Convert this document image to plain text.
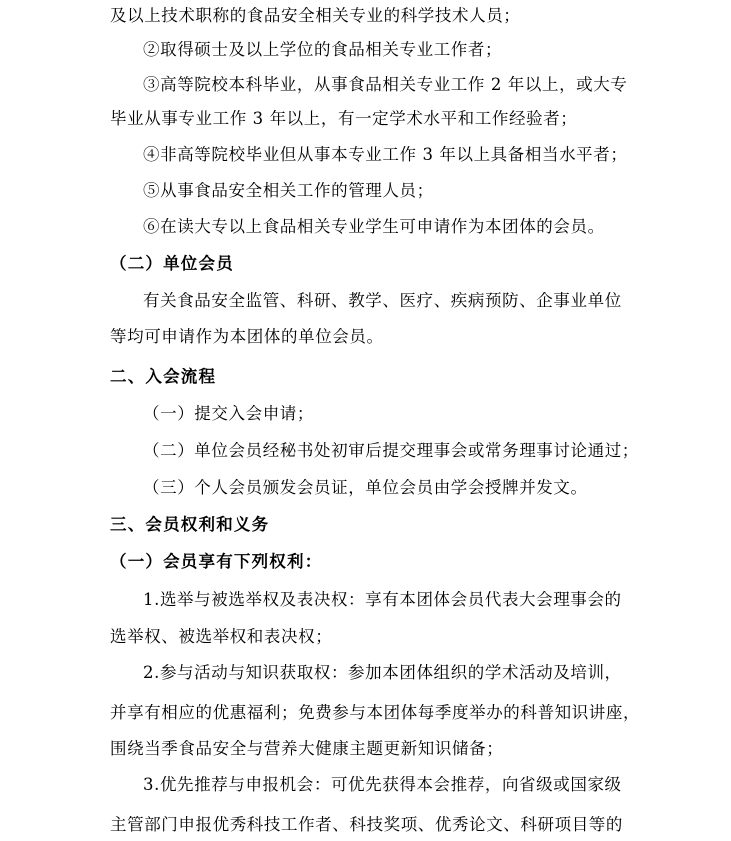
及以上技术职称的食品安全相关专业的科学技术人员；
②取得硕士及以上学位的食品相关专业工作者；
③高等院校本科毕业，从事食品相关专业工作 2 年以上，或大专
毕业从事专业工作 3 年以上，有一定学术水平和工作经验者；
④非高等院校毕业但从事本专业工作 3 年以上具备相当水平者；
⑤从事食品安全相关工作的管理人员；
⑥在读大专以上食品相关专业学生可申请作为本团体的会员。
（二）单位会员
有关食品安全监管、科研、教学、医疗、疾病预防、企事业单位
等均可申请作为本团体的单位会员。
二、入会流程
（一）提交入会申请；
（二）单位会员经秘书处初审后提交理事会或常务理事讨论通过；
（三）个人会员颁发会员证，单位会员由学会授牌并发文。
三、会员权利和义务
（一）会员享有下列权利：
1.选举与被选举权及表决权：享有本团体会员代表大会理事会的
选举权、被选举权和表决权；
2.参与活动与知识获取权：参加本团体组织的学术活动及培训，
并享有相应的优惠福利；免费参与本团体每季度举办的科普知识讲座，
围绕当季食品安全与营养大健康主题更新知识储备；
3.优先推荐与申报机会：可优先获得本会推荐，向省级或国家级
主管部门申报优秀科技工作者、科技奖项、优秀论文、科研项目等的
